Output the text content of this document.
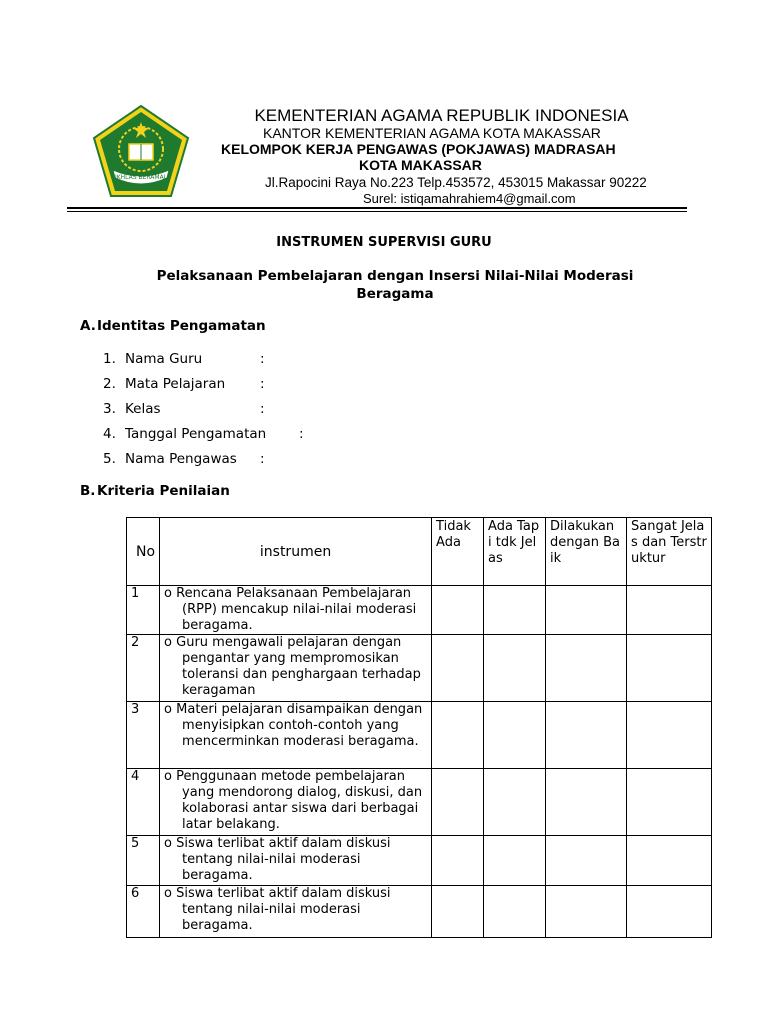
IKHLAS BERAMAL
KEMENTERIAN AGAMA REPUBLIK INDONESIA
KANTOR KEMENTERIAN AGAMA KOTA MAKASSAR
KELOMPOK KERJA PENGAWAS (POKJAWAS) MADRASAH
KOTA MAKASSAR
Jl.Rapocini Raya No.223 Telp.453572, 453015 Makassar 90222
Surel: istiqamahrahiem4@gmail.com
INSTRUMEN SUPERVISI GURU
Pelaksanaan Pembelajaran dengan Insersi Nilai-Nilai Moderasi Beragama
A.Identitas Pengamatan
1. Nama Guru	:
2. Mata Pelajaran	:
3. Kelas	:
4. Tanggal Pengamatan :
5. Nama Pengawas :
B. Kriteria Penilaian
No	instrumen	Tidak Ada	Ada Tapi tdk Jelas	Dilakukan dengan Baik	Sangat Jelas dan Terstruktur
1	o Rencana Pelaksanaan Pembelajaran (RPP) mencakup nilai-nilai moderasi beragama.				
2	o Guru mengawali pelajaran dengan pengantar yang mempromosikan toleransi dan penghargaan terhadap keragaman				
3	o Materi pelajaran disampaikan dengan menyisipkan contoh-contoh yang mencerminkan moderasi beragama.				
4	o Penggunaan metode pembelajaran yang mendorong dialog, diskusi, dan kolaborasi antar siswa dari berbagai latar belakang.				
5	o Siswa terlibat aktif dalam diskusi tentang nilai-nilai moderasi beragama.				
6	o Siswa terlibat aktif dalam diskusi tentang nilai-nilai moderasi beragama.				
